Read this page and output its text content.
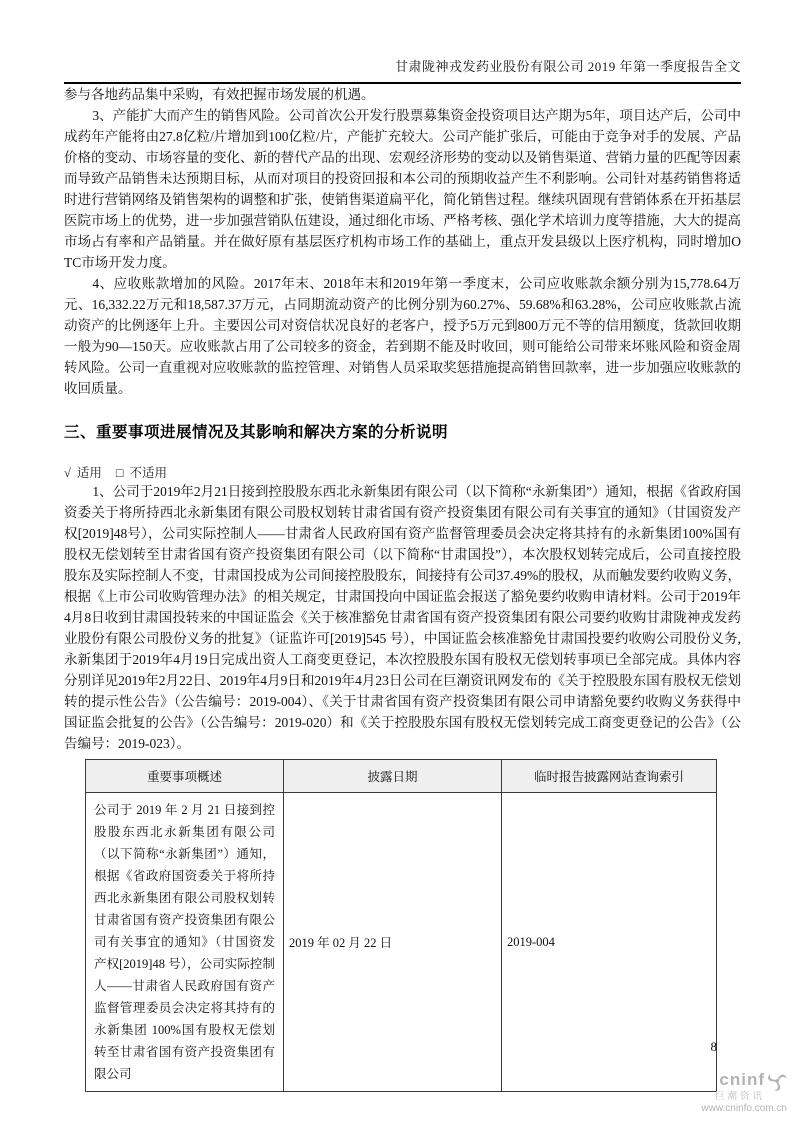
甘肃陇神戎发药业股份有限公司 2019 年第一季度报告全文

参与各地药品集中采购，有效把握市场发展的机遇。

3、产能扩大而产生的销售风险。公司首次公开发行股票募集资金投资项目达产期为5年，项目达产后，公司中成药年产能将由27.8亿粒/片增加到100亿粒/片，产能扩充较大。公司产能扩张后，可能由于竞争对手的发展、产品价格的变动、市场容量的变化、新的替代产品的出现、宏观经济形势的变动以及销售渠道、营销力量的匹配等因素而导致产品销售未达预期目标，从而对项目的投资回报和本公司的预期收益产生不利影响。公司针对基药销售将适时进行营销网络及销售架构的调整和扩张，使销售渠道扁平化，简化销售过程。继续巩固现有营销体系在开拓基层医院市场上的优势，进一步加强营销队伍建设，通过细化市场、严格考核、强化学术培训力度等措施，大大的提高市场占有率和产品销量。并在做好原有基层医疗机构市场工作的基础上，重点开发县级以上医疗机构，同时增加OTC市场开发力度。

4、应收账款增加的风险。2017年末、2018年末和2019年第一季度末，公司应收账款余额分别为15,778.64万元、16,332.22万元和18,587.37万元，占同期流动资产的比例分别为60.27%、59.68%和63.28%，公司应收账款占流动资产的比例逐年上升。主要因公司对资信状况良好的老客户，授予5万元到800万元不等的信用额度，货款回收期一般为90—150天。应收账款占用了公司较多的资金，若到期不能及时收回，则可能给公司带来坏账风险和资金周转风险。公司一直重视对应收账款的监控管理、对销售人员采取奖惩措施提高销售回款率，进一步加强应收账款的收回质量。

三、重要事项进展情况及其影响和解决方案的分析说明
√ 适用 □ 不适用

1、公司于2019年2月21日接到控股股东西北永新集团有限公司（以下简称“永新集团”）通知，根据《省政府国资委关于将所持西北永新集团有限公司股权划转甘肃省国有资产投资集团有限公司有关事宜的通知》（甘国资发产权[2019]48号），公司实际控制人——甘肃省人民政府国有资产监督管理委员会决定将其持有的永新集团100%国有股权无偿划转至甘肃省国有资产投资集团有限公司（以下简称“甘肃国投”），本次股权划转完成后，公司直接控股股东及实际控制人不变，甘肃国投成为公司间接控股股东，间接持有公司37.49%的股权，从而触发要约收购义务，根据《上市公司收购管理办法》的相关规定，甘肃国投向中国证监会报送了豁免要约收购申请材料。公司于2019年4月8日收到甘肃国投转来的中国证监会《关于核准豁免甘肃省国有资产投资集团有限公司要约收购甘肃陇神戎发药业股份有限公司股份义务的批复》（证监许可[2019]545 号），中国证监会核准豁免甘肃国投要约收购公司股份义务,永新集团于2019年4月19日完成出资人工商变更登记，本次控股股东国有股权无偿划转事项已全部完成。具体内容分别详见2019年2月22日、2019年4月9日和2019年4月23日公司在巨潮资讯网发布的《关于控股股东国有股权无偿划转的提示性公告》（公告编号：2019-004）、《关于甘肃省国有资产投资集团有限公司申请豁免要约收购义务获得中国证监会批复的公告》（公告编号：2019-020）和《关于控股股东国有股权无偿划转完成工商变更登记的公告》（公告编号：2019-023）。

重要事项概述	披露日期	临时报告披露网站查询索引
公司于 2019 年 2 月 21 日接到控股股东西北永新集团有限公司（以下简称“永新集团”）通知，根据《省政府国资委关于将所持西北永新集团有限公司股权划转甘肃省国有资产投资集团有限公司有关事宜的通知》（甘国资发产权[2019]48 号），公司实际控制人——甘肃省人民政府国有资产监督管理委员会决定将其持有的永新集团 100%国有股权无偿划转至甘肃省国有资产投资集团有限公司	2019 年 02 月 22 日	2019-004
8
cninf
巨潮资讯
www.cninfo.com.cn
